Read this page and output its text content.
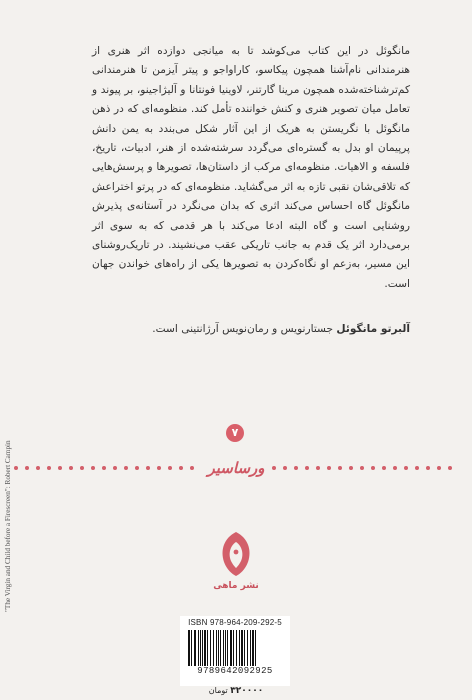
مانگوئل در این کتاب می‌کوشد تا به میانجی دوازده اثر هنری از هنرمندانی نام‌آشنا همچون پیکاسو، کاراواجو و پیتر آیزمن تا هنرمندانی کم‌ترشناخته‌شده همچون مرینا گارتنر، لاوینیا فونتانا و آلیژاجینو، بر پیوند و تعامل میان تصویر هنری و کنش خواننده تأمل کند. منظومه‌ای که در ذهن مانگوئل با نگریستن به هریک از این آثار شکل می‌بندد به یمن دانش پرپیمان او بدل به گستره‌ای می‌گردد سرشته‌شده از هنر، ادبیات، تاریخ، فلسفه و الاهیات. منظومه‌ای مرکب از داستان‌ها، تصویرها و پرسش‌هایی که تلاقی‌شان نقبی تازه به اثر می‌گشاید. منظومه‌ای که در پرتو اختراعش مانگوئل گاه احساس می‌کند اثری که بدان می‌نگرد در آستانه‌ی پذیرش روشنایی است و گاه البته ادعا می‌کند با هر قدمی که به سوی اثر برمی‌دارد اثر یک قدم به جانب تاریکی عقب می‌نشیند. در تاریک‌روشنای این مسیر، به‌زعم او نگاه‌کردن به تصویرها یکی از راه‌های خواندن جهان است.

آلبرتو مانگوئل جستارنویس و رمان‌نویس آرژانتینی است.
۷
ورساسیر
"The Virgin and Child before a Firescreen": Robert Campin	نشر ماهی
ISBN 978-964-209-292-5
9789642092925
۳۲۰۰۰۰ تومان
